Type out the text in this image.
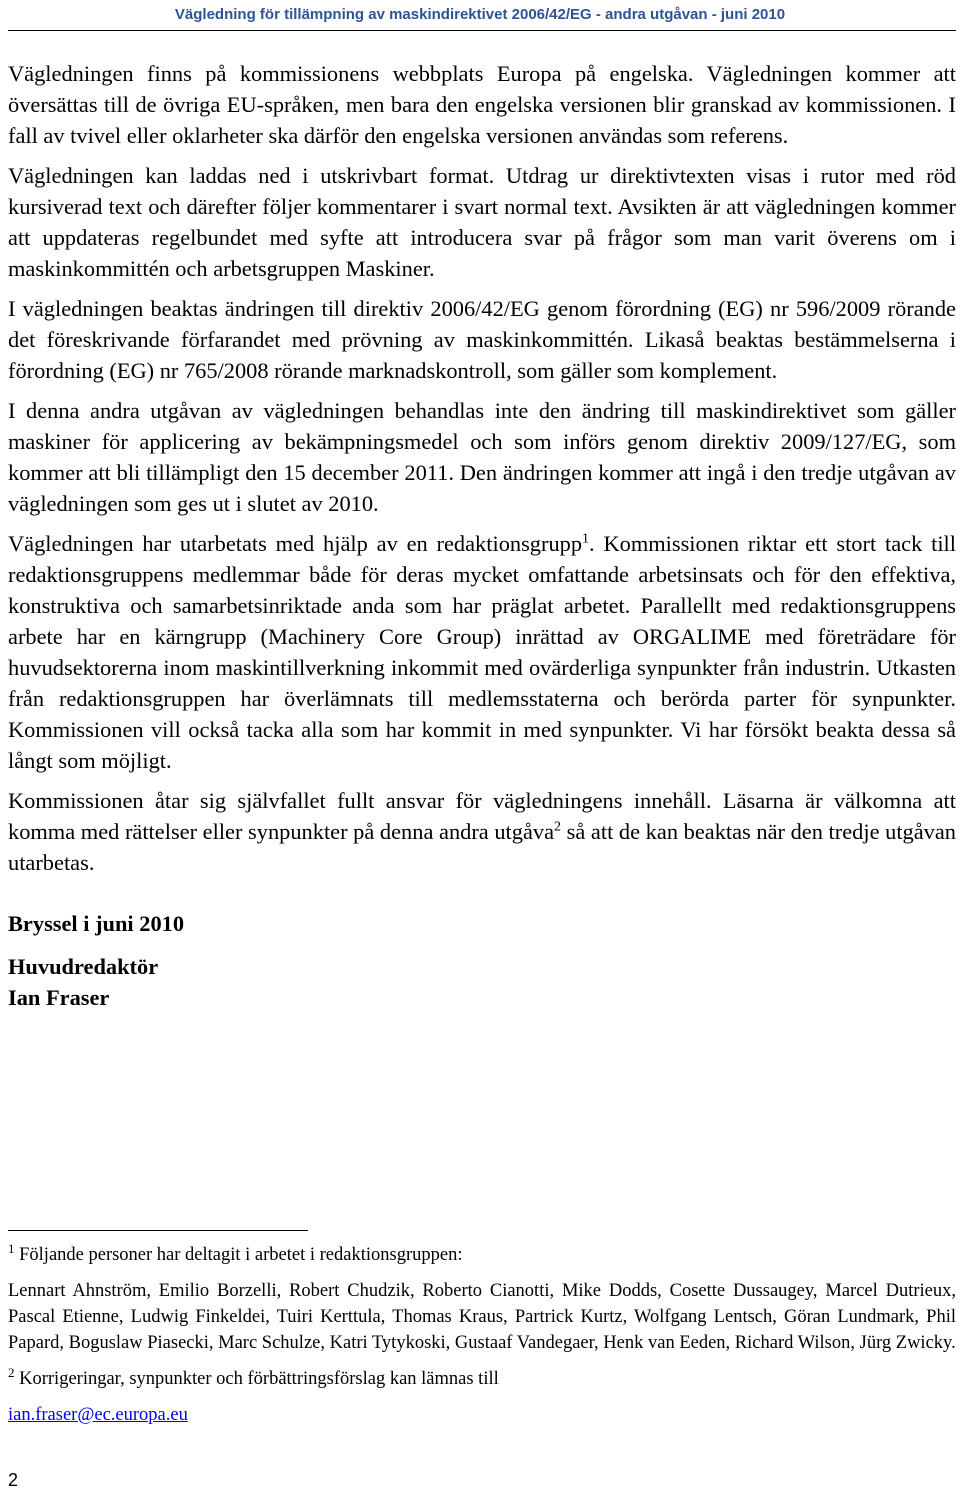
Vägledning för tillämpning av maskindirektivet 2006/42/EG - andra utgåvan - juni 2010

Vägledningen finns på kommissionens webbplats Europa på engelska. Vägledningen kommer att översättas till de övriga EU-språken, men bara den engelska versionen blir granskad av kommissionen. I fall av tvivel eller oklarheter ska därför den engelska versionen användas som referens.

Vägledningen kan laddas ned i utskrivbart format. Utdrag ur direktivtexten visas i rutor med röd kursiverad text och därefter följer kommentarer i svart normal text. Avsikten är att vägledningen kommer att uppdateras regelbundet med syfte att introducera svar på frågor som man varit överens om i maskinkommittén och arbetsgruppen Maskiner.

I vägledningen beaktas ändringen till direktiv 2006/42/EG genom förordning (EG) nr 596/2009 rörande det föreskrivande förfarandet med prövning av maskinkommittén. Likaså beaktas bestämmelserna i förordning (EG) nr 765/2008 rörande marknadskontroll, som gäller som komplement.

I denna andra utgåvan av vägledningen behandlas inte den ändring till maskindirektivet som gäller maskiner för applicering av bekämpningsmedel och som införs genom direktiv 2009/127/EG, som kommer att bli tillämpligt den 15 december 2011. Den ändringen kommer att ingå i den tredje utgåvan av vägledningen som ges ut i slutet av 2010.

Vägledningen har utarbetats med hjälp av en redaktionsgrupp$^1$. Kommissionen riktar ett stort tack till redaktionsgruppens medlemmar både för deras mycket omfattande arbetsinsats och för den effektiva, konstruktiva och samarbetsinriktade anda som har präglat arbetet. Parallellt med redaktionsgruppens arbete har en kärngrupp (Machinery Core Group) inrättad av ORGALIME med företrädare för huvudsektorerna inom maskintillverkning inkommit med ovärderliga synpunkter från industrin. Utkasten från redaktionsgruppen har överlämnats till medlemsstaterna och berörda parter för synpunkter. Kommissionen vill också tacka alla som har kommit in med synpunkter. Vi har försökt beakta dessa så långt som möjligt.

Kommissionen åtar sig självfallet fullt ansvar för vägledningens innehåll. Läsarna är välkomna att komma med rättelser eller synpunkter på denna andra utgåva$^2$ så att de kan beaktas när den tredje utgåvan utarbetas.

Bryssel i juni 2010

Huvudredaktör

Ian Fraser

$^1$ Följande personer har deltagit i arbetet i redaktionsgruppen:

Lennart Ahnström, Emilio Borzelli, Robert Chudzik, Roberto Cianotti, Mike Dodds, Cosette Dussaugey, Marcel Dutrieux, Pascal Etienne, Ludwig Finkeldei, Tuiri Kerttula, Thomas Kraus, Partrick Kurtz, Wolfgang Lentsch, Göran Lundmark, Phil Papard, Boguslaw Piasecki, Marc Schulze, Katri Tytykoski, Gustaaf Vandegaer, Henk van Eeden, Richard Wilson, Jürg Zwicky.

$^2$ Korrigeringar, synpunkter och förbättringsförslag kan lämnas till

ian.fraser@ec.europa.eu

2
